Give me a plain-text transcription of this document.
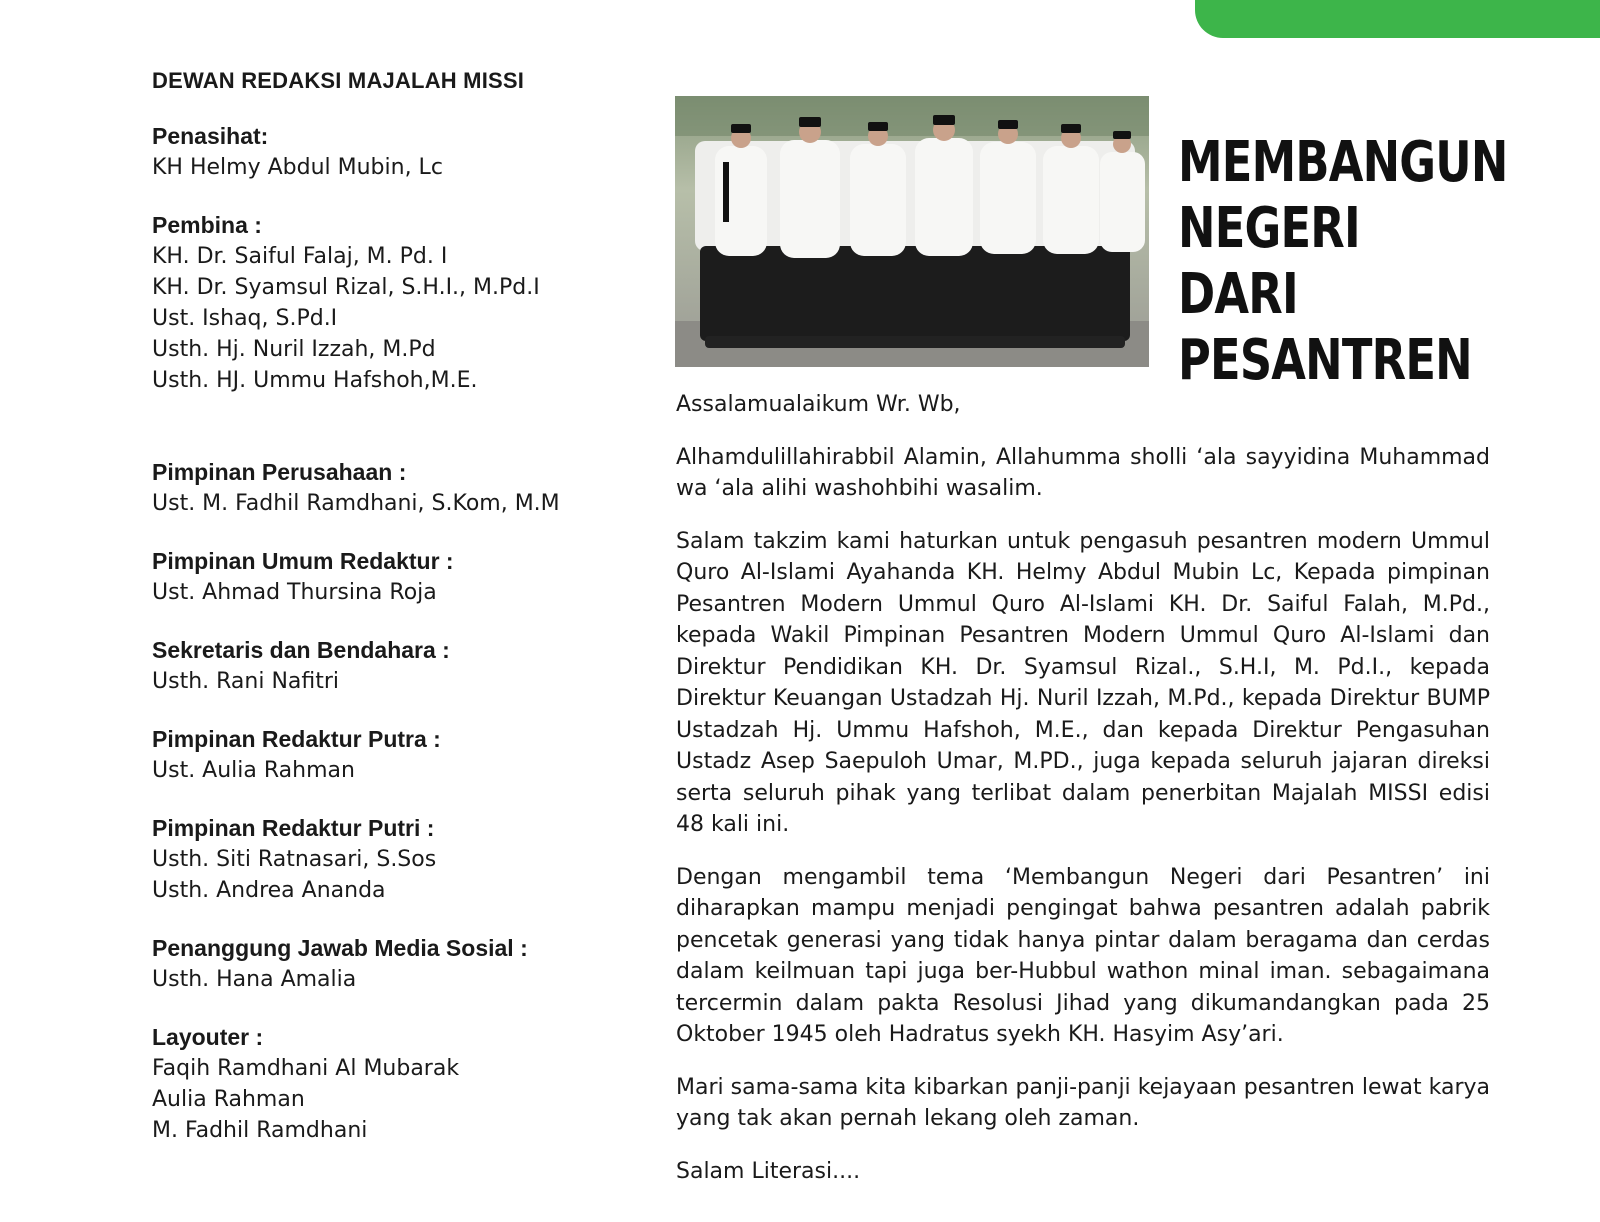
DEWAN REDAKSI MAJALAH MISSI
Penasihat:
KH Helmy Abdul Mubin, Lc
Pembina :
KH. Dr. Saiful Falaj, M. Pd. I
KH. Dr. Syamsul Rizal, S.H.I., M.Pd.I
Ust. Ishaq, S.Pd.I
Usth. Hj. Nuril Izzah, M.Pd
Usth. HJ. Ummu Hafshoh,M.E.
Pimpinan Perusahaan :
Ust. M. Fadhil Ramdhani, S.Kom, M.M
Pimpinan Umum Redaktur :
Ust. Ahmad Thursina Roja
Sekretaris dan Bendahara :
Usth. Rani Nafitri
Pimpinan Redaktur Putra :
Ust. Aulia Rahman
Pimpinan Redaktur Putri :
Usth. Siti Ratnasari, S.Sos
Usth. Andrea Ananda
Penanggung Jawab Media Sosial :
Usth. Hana Amalia
Layouter :
Faqih Ramdhani Al Mubarak
Aulia Rahman
M. Fadhil Ramdhani
MEMBANGUN NEGERI DARI PESANTREN

Assalamualaikum Wr. Wb,

Alhamdulillahirabbil Alamin, Allahumma sholli ‘ala sayyidina Muhammad wa ‘ala alihi washohbihi wasalim.

Salam takzim kami haturkan untuk pengasuh pesantren modern Ummul Quro Al-Islami Ayahanda KH. Helmy Abdul Mubin Lc, Kepada pimpinan Pesantren Modern Ummul Quro Al-Islami KH. Dr. Saiful Falah, M.Pd., kepada Wakil Pimpinan Pesantren Modern Ummul Quro Al-Islami dan Direktur Pendidikan KH. Dr. Syamsul Rizal., S.H.I, M. Pd.I., kepada Direktur Keuangan Ustadzah Hj. Nuril Izzah, M.Pd., kepada Direktur BUMP Ustadzah Hj. Ummu Hafshoh, M.E., dan kepada Direktur Pengasuhan Ustadz Asep Saepuloh Umar, M.PD., juga kepada seluruh jajaran direksi serta seluruh pihak yang terlibat dalam penerbitan Majalah MISSI edisi 48 kali ini.

Dengan mengambil tema ‘Membangun Negeri dari Pesantren’ ini diharapkan mampu menjadi pengingat bahwa pesantren adalah pabrik pencetak generasi yang tidak hanya pintar dalam beragama dan cerdas dalam keilmuan tapi juga ber-Hubbul wathon minal iman. sebagaimana tercermin dalam pakta Resolusi Jihad yang dikumandangkan pada 25 Oktober 1945 oleh Hadratus syekh KH. Hasyim Asy’ari.

Mari sama-sama kita kibarkan panji-panji kejayaan pesantren lewat karya yang tak akan pernah lekang oleh zaman.

Salam Literasi....
